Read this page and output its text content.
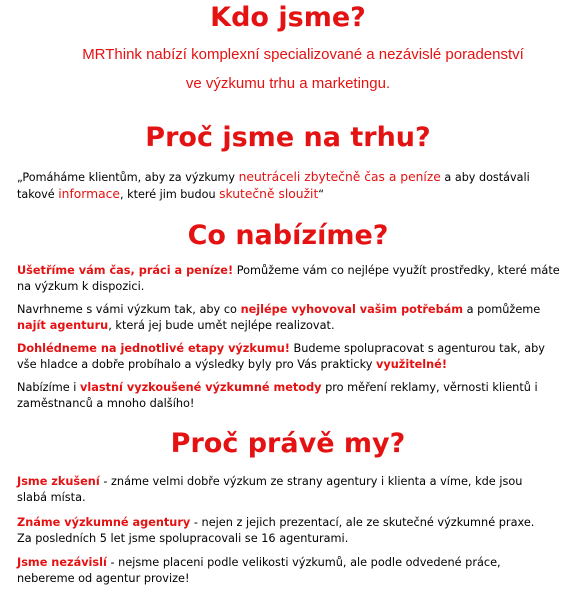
Kdo jsme?

MRThink nabízí komplexní specializované a nezávislé poradenství
ve výzkumu trhu a marketingu.

Proč jsme na trhu?

„Pomáháme klientům, aby za výzkumy neutráceli zbytečně čas a peníze a aby dostávali takové informace, které jim budou skutečně sloužit“

Co nabízíme?

Ušetříme vám čas, práci a peníze! Pomůžeme vám co nejlépe využít prostředky, které máte na výzkum k dispozici.

Navrhneme s vámi výzkum tak, aby co nejlépe vyhovoval vašim potřebám a pomůžeme najít agenturu, která jej bude umět nejlépe realizovat.

Dohlédneme na jednotlivé etapy výzkumu! Budeme spolupracovat s agenturou tak, aby vše hladce a dobře probíhalo a výsledky byly pro Vás prakticky využitelné!

Nabízíme i vlastní vyzkoušené výzkumné metody pro měření reklamy, věrnosti klientů i zaměstnanců a mnoho dalšího!

Proč právě my?

Jsme zkušení - známe velmi dobře výzkum ze strany agentury i klienta a víme, kde jsou slabá místa.

Známe výzkumné agentury - nejen z jejich prezentací, ale ze skutečné výzkumné praxe. Za posledních 5 let jsme spolupracovali se 16 agenturami.

Jsme nezávislí - nejsme placeni podle velikosti výzkumů, ale podle odvedené práce, nebereme od agentur provize!
